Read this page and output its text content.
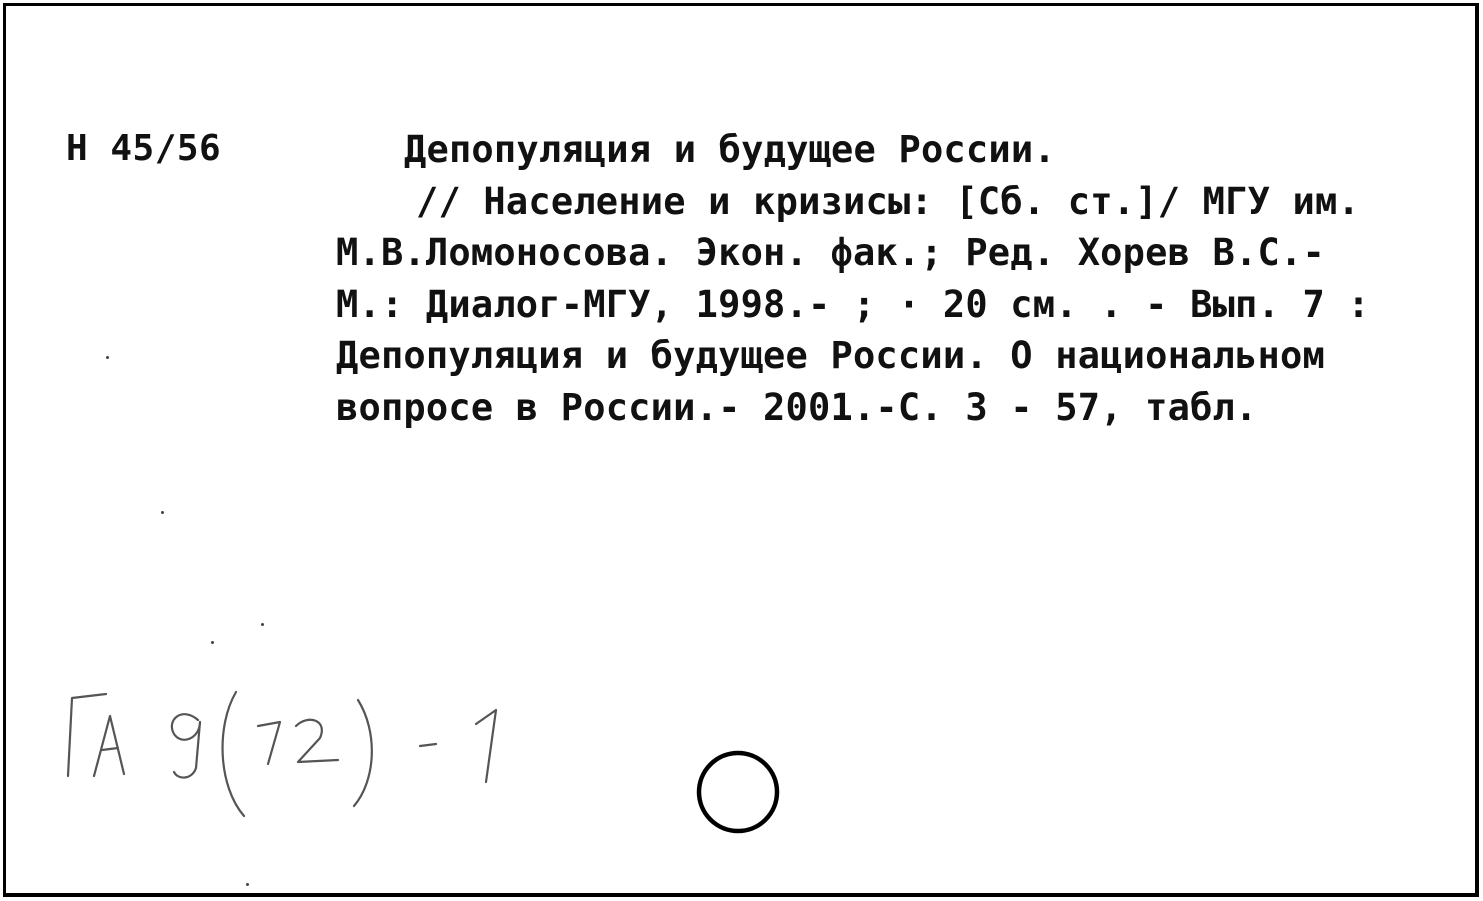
Н 45/56	Депопуляция и будущее России.
// Население и кризисы: [Сб. ст.]/ МГУ им.
М.В.Ломоносова. Экон. фак.; Ред. Хорев В.С.-
М.: Диалог-МГУ, 1998.- ; · 20 см. . - Вып. 7 :
Депопуляция и будущее России. О национальном
вопросе в России.- 2001.-С. 3 - 57, табл.
